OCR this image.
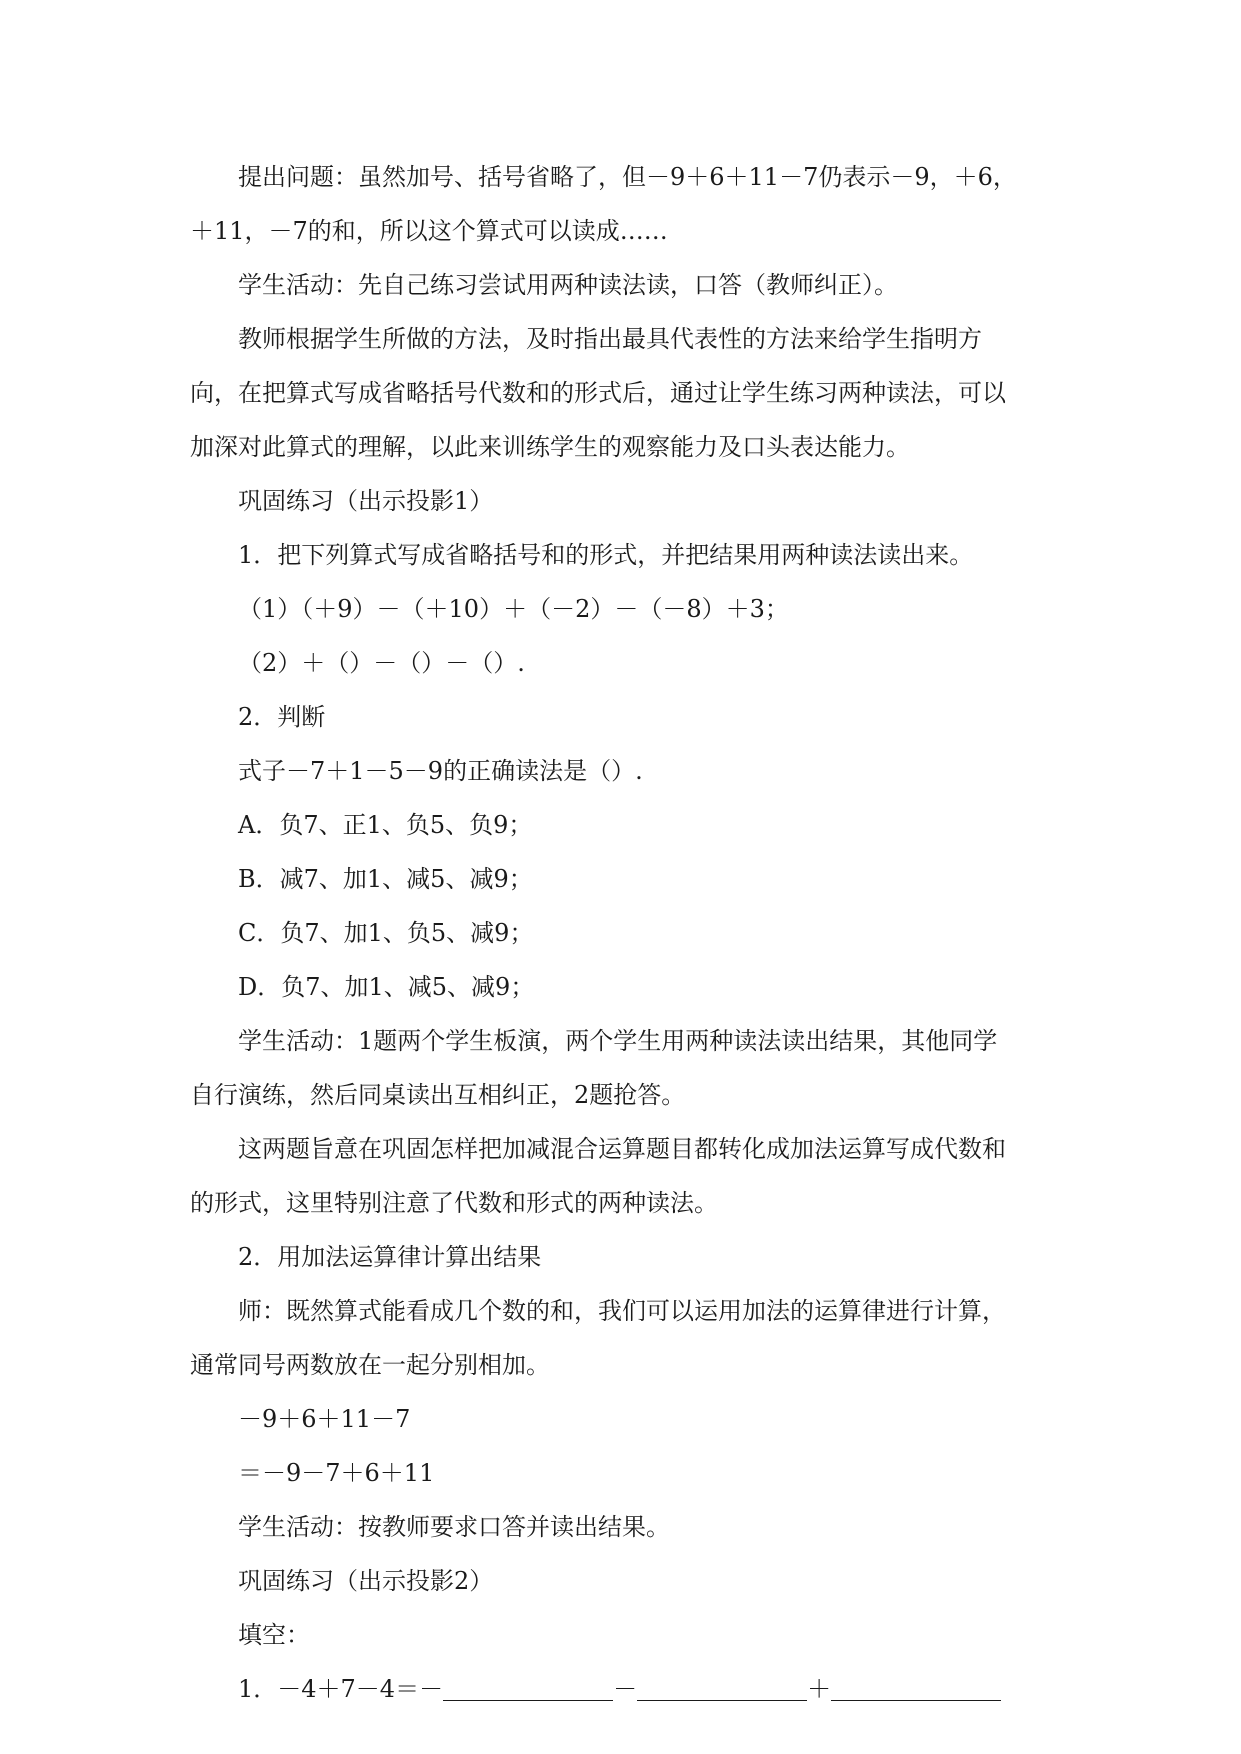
提出问题：虽然加号、括号省略了，但－9＋6＋11－7仍表示－9，＋6，
＋11，－7的和，所以这个算式可以读成……
学生活动：先自己练习尝试用两种读法读，口答（教师纠正）。
教师根据学生所做的方法，及时指出最具代表性的方法来给学生指明方
向，在把算式写成省略括号代数和的形式后，通过让学生练习两种读法，可以
加深对此算式的理解，以此来训练学生的观察能力及口头表达能力。
巩固练习（出示投影1）
1．把下列算式写成省略括号和的形式，并把结果用两种读法读出来。
（1）（＋9）－（＋10）＋（－2）－（－8）＋3；
（2）＋（）－（）－（）.
2．判断
式子－7＋1－5－9的正确读法是（）.
A．负7、正1、负5、负9；
B．减7、加1、减5、减9；
C．负7、加1、负5、减9；
D．负7、加1、减5、减9；
学生活动：1题两个学生板演，两个学生用两种读法读出结果，其他同学
自行演练，然后同桌读出互相纠正，2题抢答。
这两题旨意在巩固怎样把加减混合运算题目都转化成加法运算写成代数和
的形式，这里特别注意了代数和形式的两种读法。
2．用加法运算律计算出结果
师：既然算式能看成几个数的和，我们可以运用加法的运算律进行计算，
通常同号两数放在一起分别相加。
－9＋6＋11－7
＝－9－7＋6＋11
学生活动：按教师要求口答并读出结果。
巩固练习（出示投影2）
填空：
1．－4＋7－4＝－	－	＋
